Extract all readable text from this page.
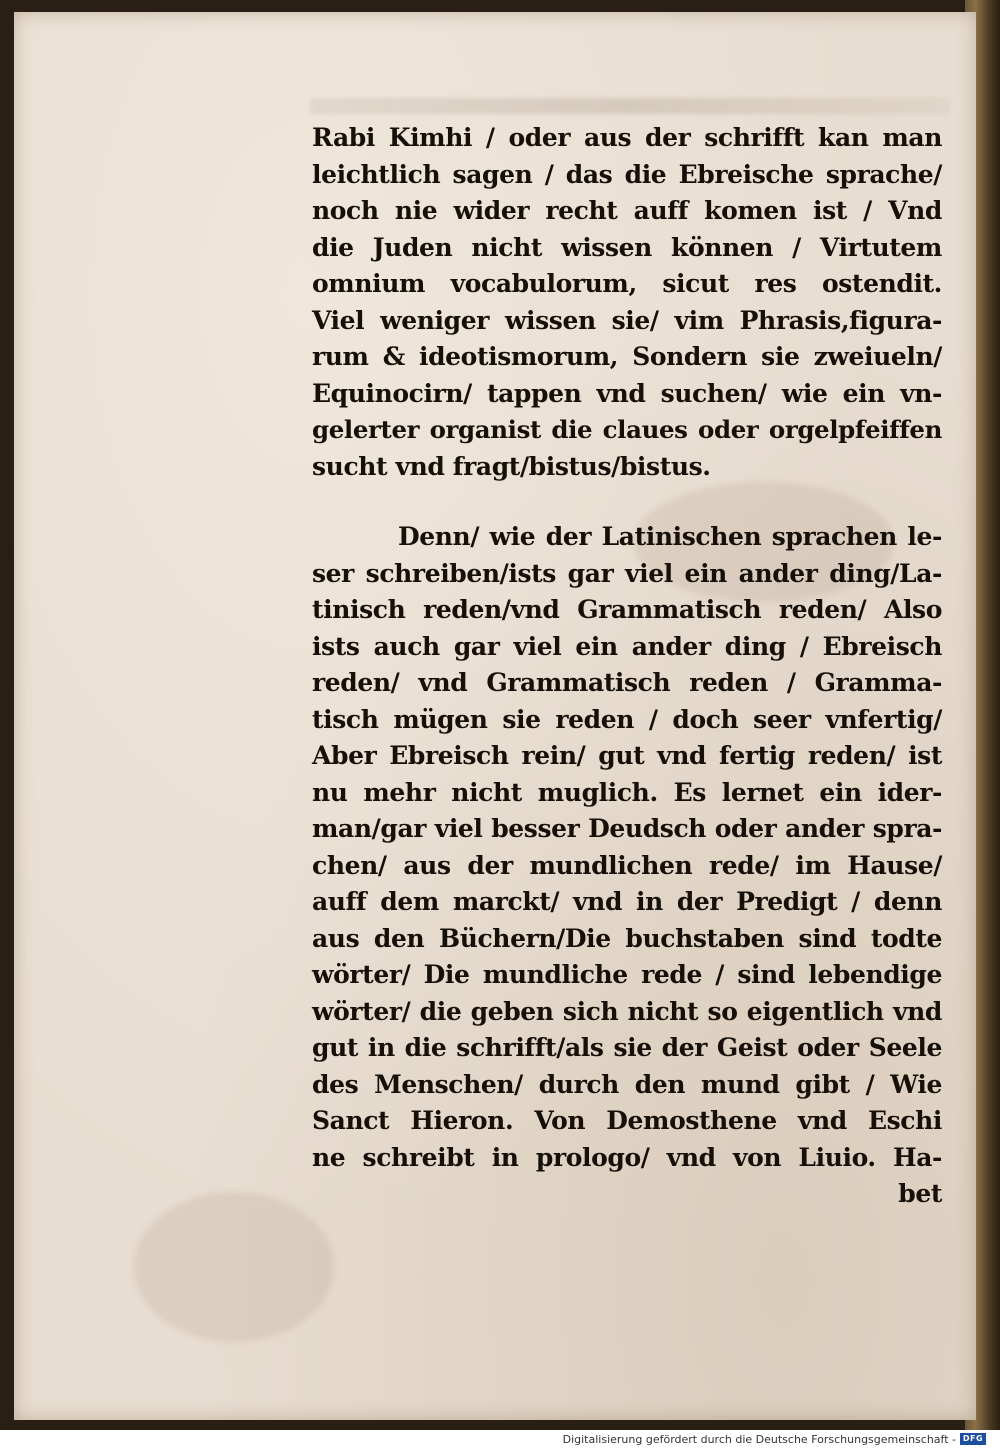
Rabi Kimhi / oder aus der schrifft kan man
leichtlich sagen / das die Ebreische sprache/
noch nie wider recht auff komen ist / Vnd
die Juden nicht wissen können / Virtutem
omnium vocabulorum, sicut res ostendit.
Viel weniger wissen sie/ vim Phrasis,figura-
rum & ideotismorum, Sondern sie zweiueln/
Equinocirn/ tappen vnd suchen/ wie ein vn-
gelerter organist die claues oder orgelpfeiffen
sucht vnd fragt/bistus/bistus.

Denn/ wie der Latinischen sprachen le-
ser schreiben/ists gar viel ein ander ding/La-
tinisch reden/vnd Grammatisch reden/ Also
ists auch gar viel ein ander ding / Ebreisch
reden/ vnd Grammatisch reden / Gramma-
tisch mügen sie reden / doch seer vnfertig/
Aber Ebreisch rein/ gut vnd fertig reden/ ist
nu mehr nicht muglich. Es lernet ein ider-
man/gar viel besser Deudsch oder ander spra-
chen/ aus der mundlichen rede/ im Hause/
auff dem marckt/ vnd in der Predigt / denn
aus den Büchern/Die buchstaben sind todte
wörter/ Die mundliche rede / sind lebendige
wörter/ die geben sich nicht so eigentlich vnd
gut in die schrifft/als sie der Geist oder Seele
des Menschen/ durch den mund gibt / Wie
Sanct Hieron. Von Demosthene vnd Eschi
ne schreibt in prologo/ vnd von Liuio. Ha-
bet

Digitalisierung gefördert durch die Deutsche Forschungsgemeinschaft - DFG
